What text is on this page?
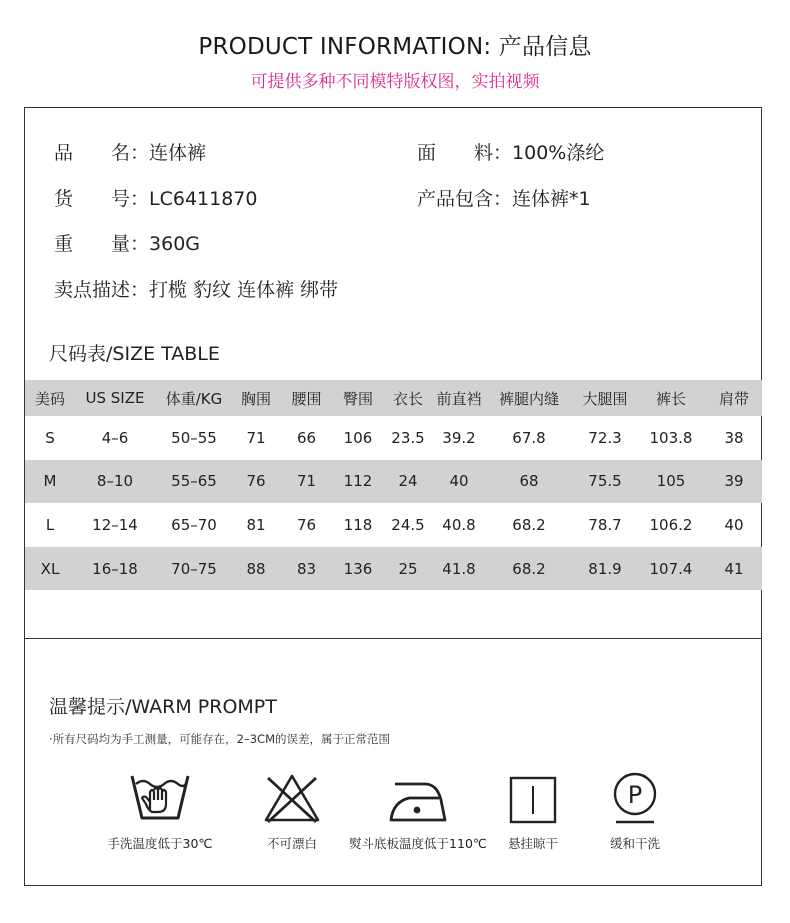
PRODUCT INFORMATION: 产品信息
可提供多种不同模特版权图，实拍视频
品　　名：连体裤	面　　料：100%涤纶
货　　号：LC6411870	产品包含：连体裤*1
重　　量：360G
卖点描述：打榄 豹纹 连体裤 绑带
尺码表/SIZE TABLE
美码	US SIZE	体重/KG	胸围	腰围	臀围	衣长	前直裆	裤腿内缝	大腿围	裤长	肩带
S	4–6	50–55	71	66	106	23.5	39.2	67.8	72.3	103.8	38
M	8–10	55–65	76	71	112	24	40	68	75.5	105	39
L	12–14	65–70	81	76	118	24.5	40.8	68.2	78.7	106.2	40
XL	16–18	70–75	88	83	136	25	41.8	68.2	81.9	107.4	41
温馨提示/WARM PROMPT
·所有尺码均为手工测量，可能存在，2–3CM的误差，属于正常范围
手洗温度低于30℃	不可漂白	熨斗底板温度低于110℃	悬挂晾干
P
缓和干洗
